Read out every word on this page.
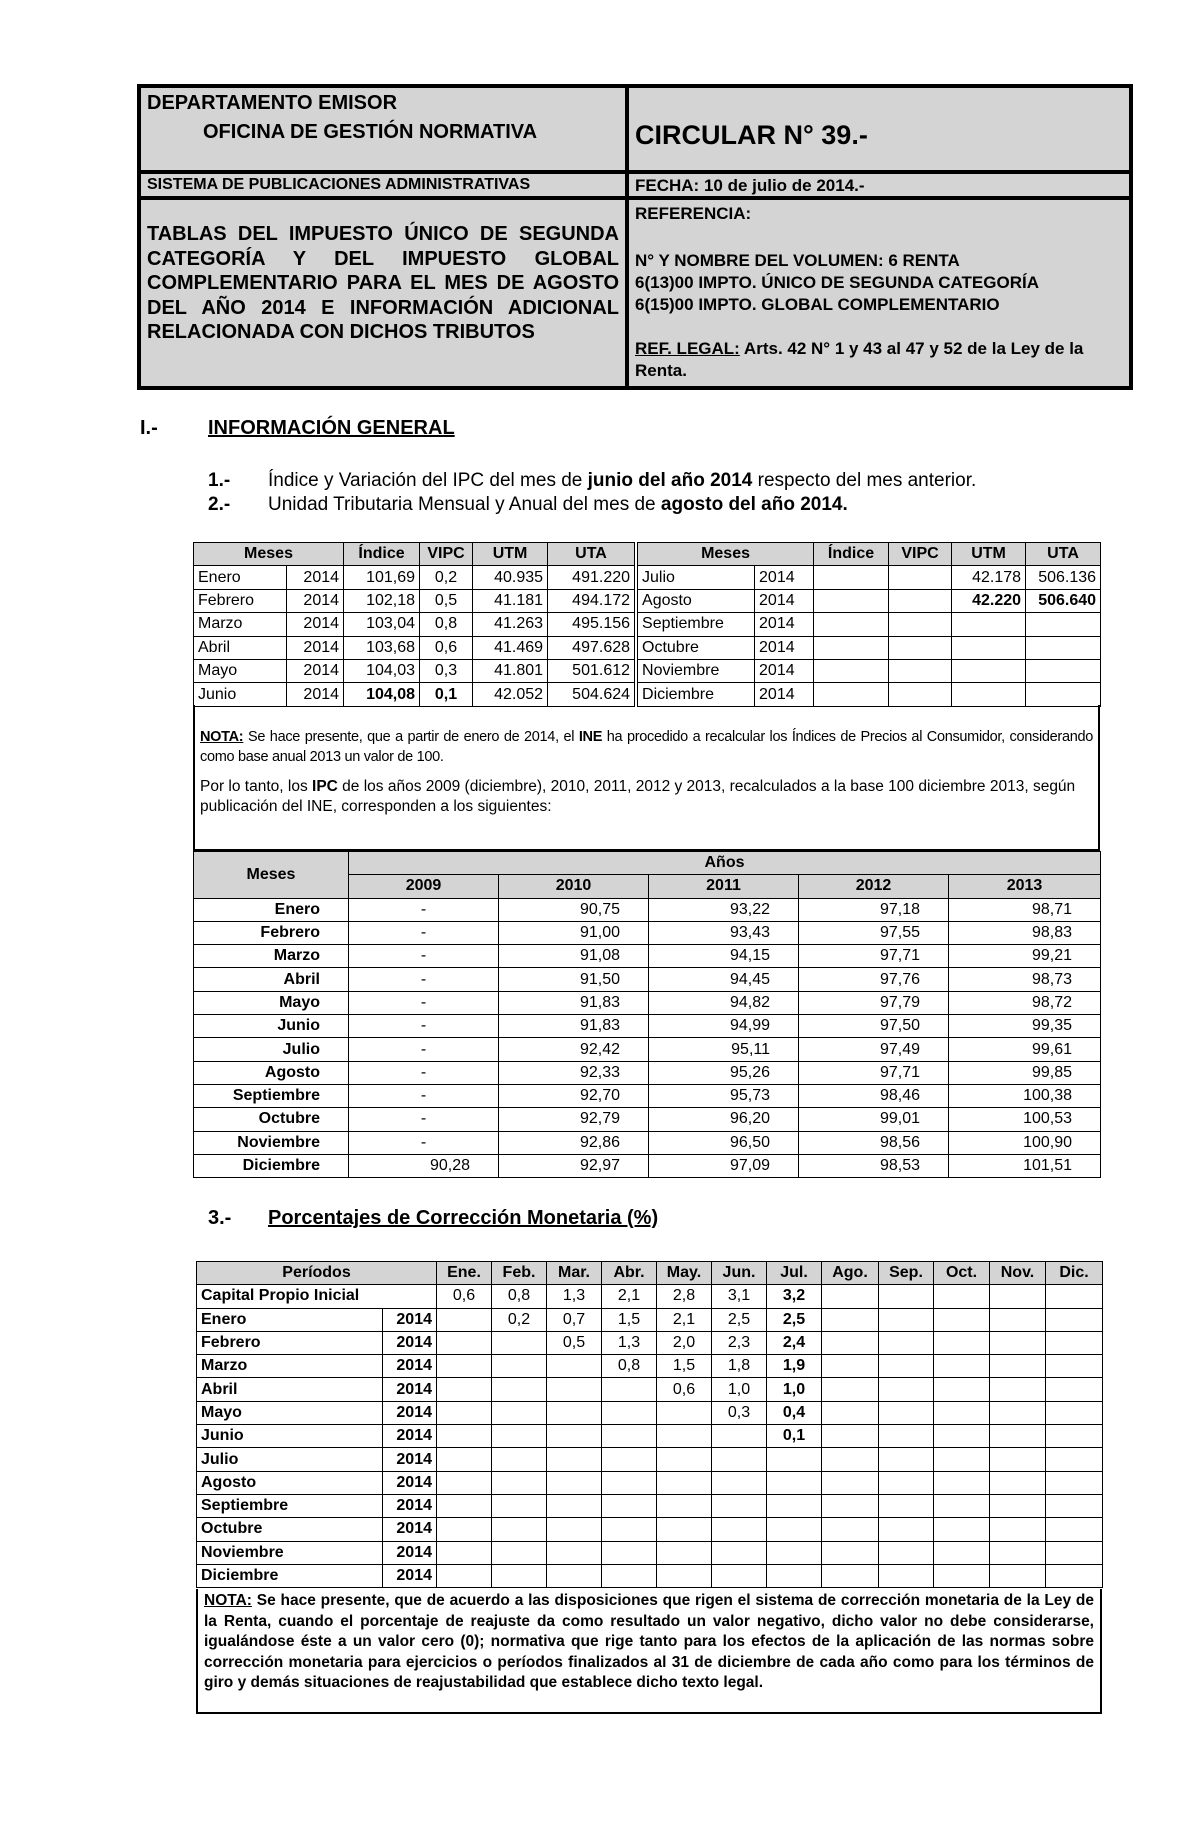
DEPARTAMENTO EMISOR
OFICINA DE GESTIÓN NORMATIVA	CIRCULAR N° 39.-
SISTEMA DE PUBLICACIONES ADMINISTRATIVAS	FECHA: 10 de julio de 2014.-
TABLAS DEL IMPUESTO ÚNICO DE SEGUNDA CATEGORÍA Y DEL IMPUESTO GLOBAL COMPLEMENTARIO PARA EL MES DE AGOSTO DEL AÑO 2014 E INFORMACIÓN ADICIONAL RELACIONADA CON DICHOS TRIBUTOS
REFERENCIA:
N° Y NOMBRE DEL VOLUMEN: 6 RENTA
6(13)00 IMPTO. ÚNICO DE SEGUNDA CATEGORÍA
6(15)00 IMPTO. GLOBAL COMPLEMENTARIO
REF. LEGAL: Arts. 42 N° 1 y 43 al 47 y 52 de la Ley de la Renta.
I.-	INFORMACIÓN GENERAL
1.- Índice y Variación del IPC del mes de junio del año 2014 respecto del mes anterior.
2.- Unidad Tributaria Mensual y Anual del mes de agosto del año 2014.
Meses		Índice	VIPC	UTM	UTA		Meses		Índice	VIPC	UTM	UTA
Enero	2014	101,69	0,2	40.935	491.220		Julio	2014			42.178	506.136
Febrero	2014	102,18	0,5	41.181	494.172		Agosto	2014			42.220	506.640
Marzo	2014	103,04	0,8	41.263	495.156		Septiembre	2014				
Abril	2014	103,68	0,6	41.469	497.628		Octubre	2014				
Mayo	2014	104,03	0,3	41.801	501.612		Noviembre	2014				
Junio	2014	104,08	0,1	42.052	504.624		Diciembre	2014				
NOTA: Se hace presente, que a partir de enero de 2014, el INE ha procedido a recalcular los Índices de Precios al Consumidor, considerando como base anual 2013 un valor de 100.
Por lo tanto, los IPC de los años 2009 (diciembre), 2010, 2011, 2012 y 2013, recalculados a la base 100 diciembre 2013, según publicación del INE, corresponden a los siguientes:
Meses	Años				
	2009	2010	2011	2012	2013
Enero	-	90,75	93,22	97,18	98,71
Febrero	-	91,00	93,43	97,55	98,83
Marzo	-	91,08	94,15	97,71	99,21
Abril	-	91,50	94,45	97,76	98,73
Mayo	-	91,83	94,82	97,79	98,72
Junio	-	91,83	94,99	97,50	99,35
Julio	-	92,42	95,11	97,49	99,61
Agosto	-	92,33	95,26	97,71	99,85
Septiembre	-	92,70	95,73	98,46	100,38
Octubre	-	92,79	96,20	99,01	100,53
Noviembre	-	92,86	96,50	98,56	100,90
Diciembre	90,28	92,97	97,09	98,53	101,51
3.- Porcentajes de Corrección Monetaria (%)
Períodos		Ene.	Feb.	Mar.	Abr.	May.	Jun.	Jul.	Ago.	Sep.	Oct.	Nov.	Dic.
Capital Propio Inicial		0,6	0,8	1,3	2,1	2,8	3,1	3,2					
Enero	2014		0,2	0,7	1,5	2,1	2,5	2,5					
Febrero	2014			0,5	1,3	2,0	2,3	2,4					
Marzo	2014				0,8	1,5	1,8	1,9					
Abril	2014					0,6	1,0	1,0					
Mayo	2014						0,3	0,4					
Junio	2014							0,1					
Julio	2014												
Agosto	2014												
Septiembre	2014												
Octubre	2014												
Noviembre	2014												
Diciembre	2014												
NOTA: Se hace presente, que de acuerdo a las disposiciones que rigen el sistema de corrección monetaria de la Ley de la Renta, cuando el porcentaje de reajuste da como resultado un valor negativo, dicho valor no debe considerarse, igualándose éste a un valor cero (0); normativa que rige tanto para los efectos de la aplicación de las normas sobre corrección monetaria para ejercicios o períodos finalizados al 31 de diciembre de cada año como para los términos de giro y demás situaciones de reajustabilidad que establece dicho texto legal.
